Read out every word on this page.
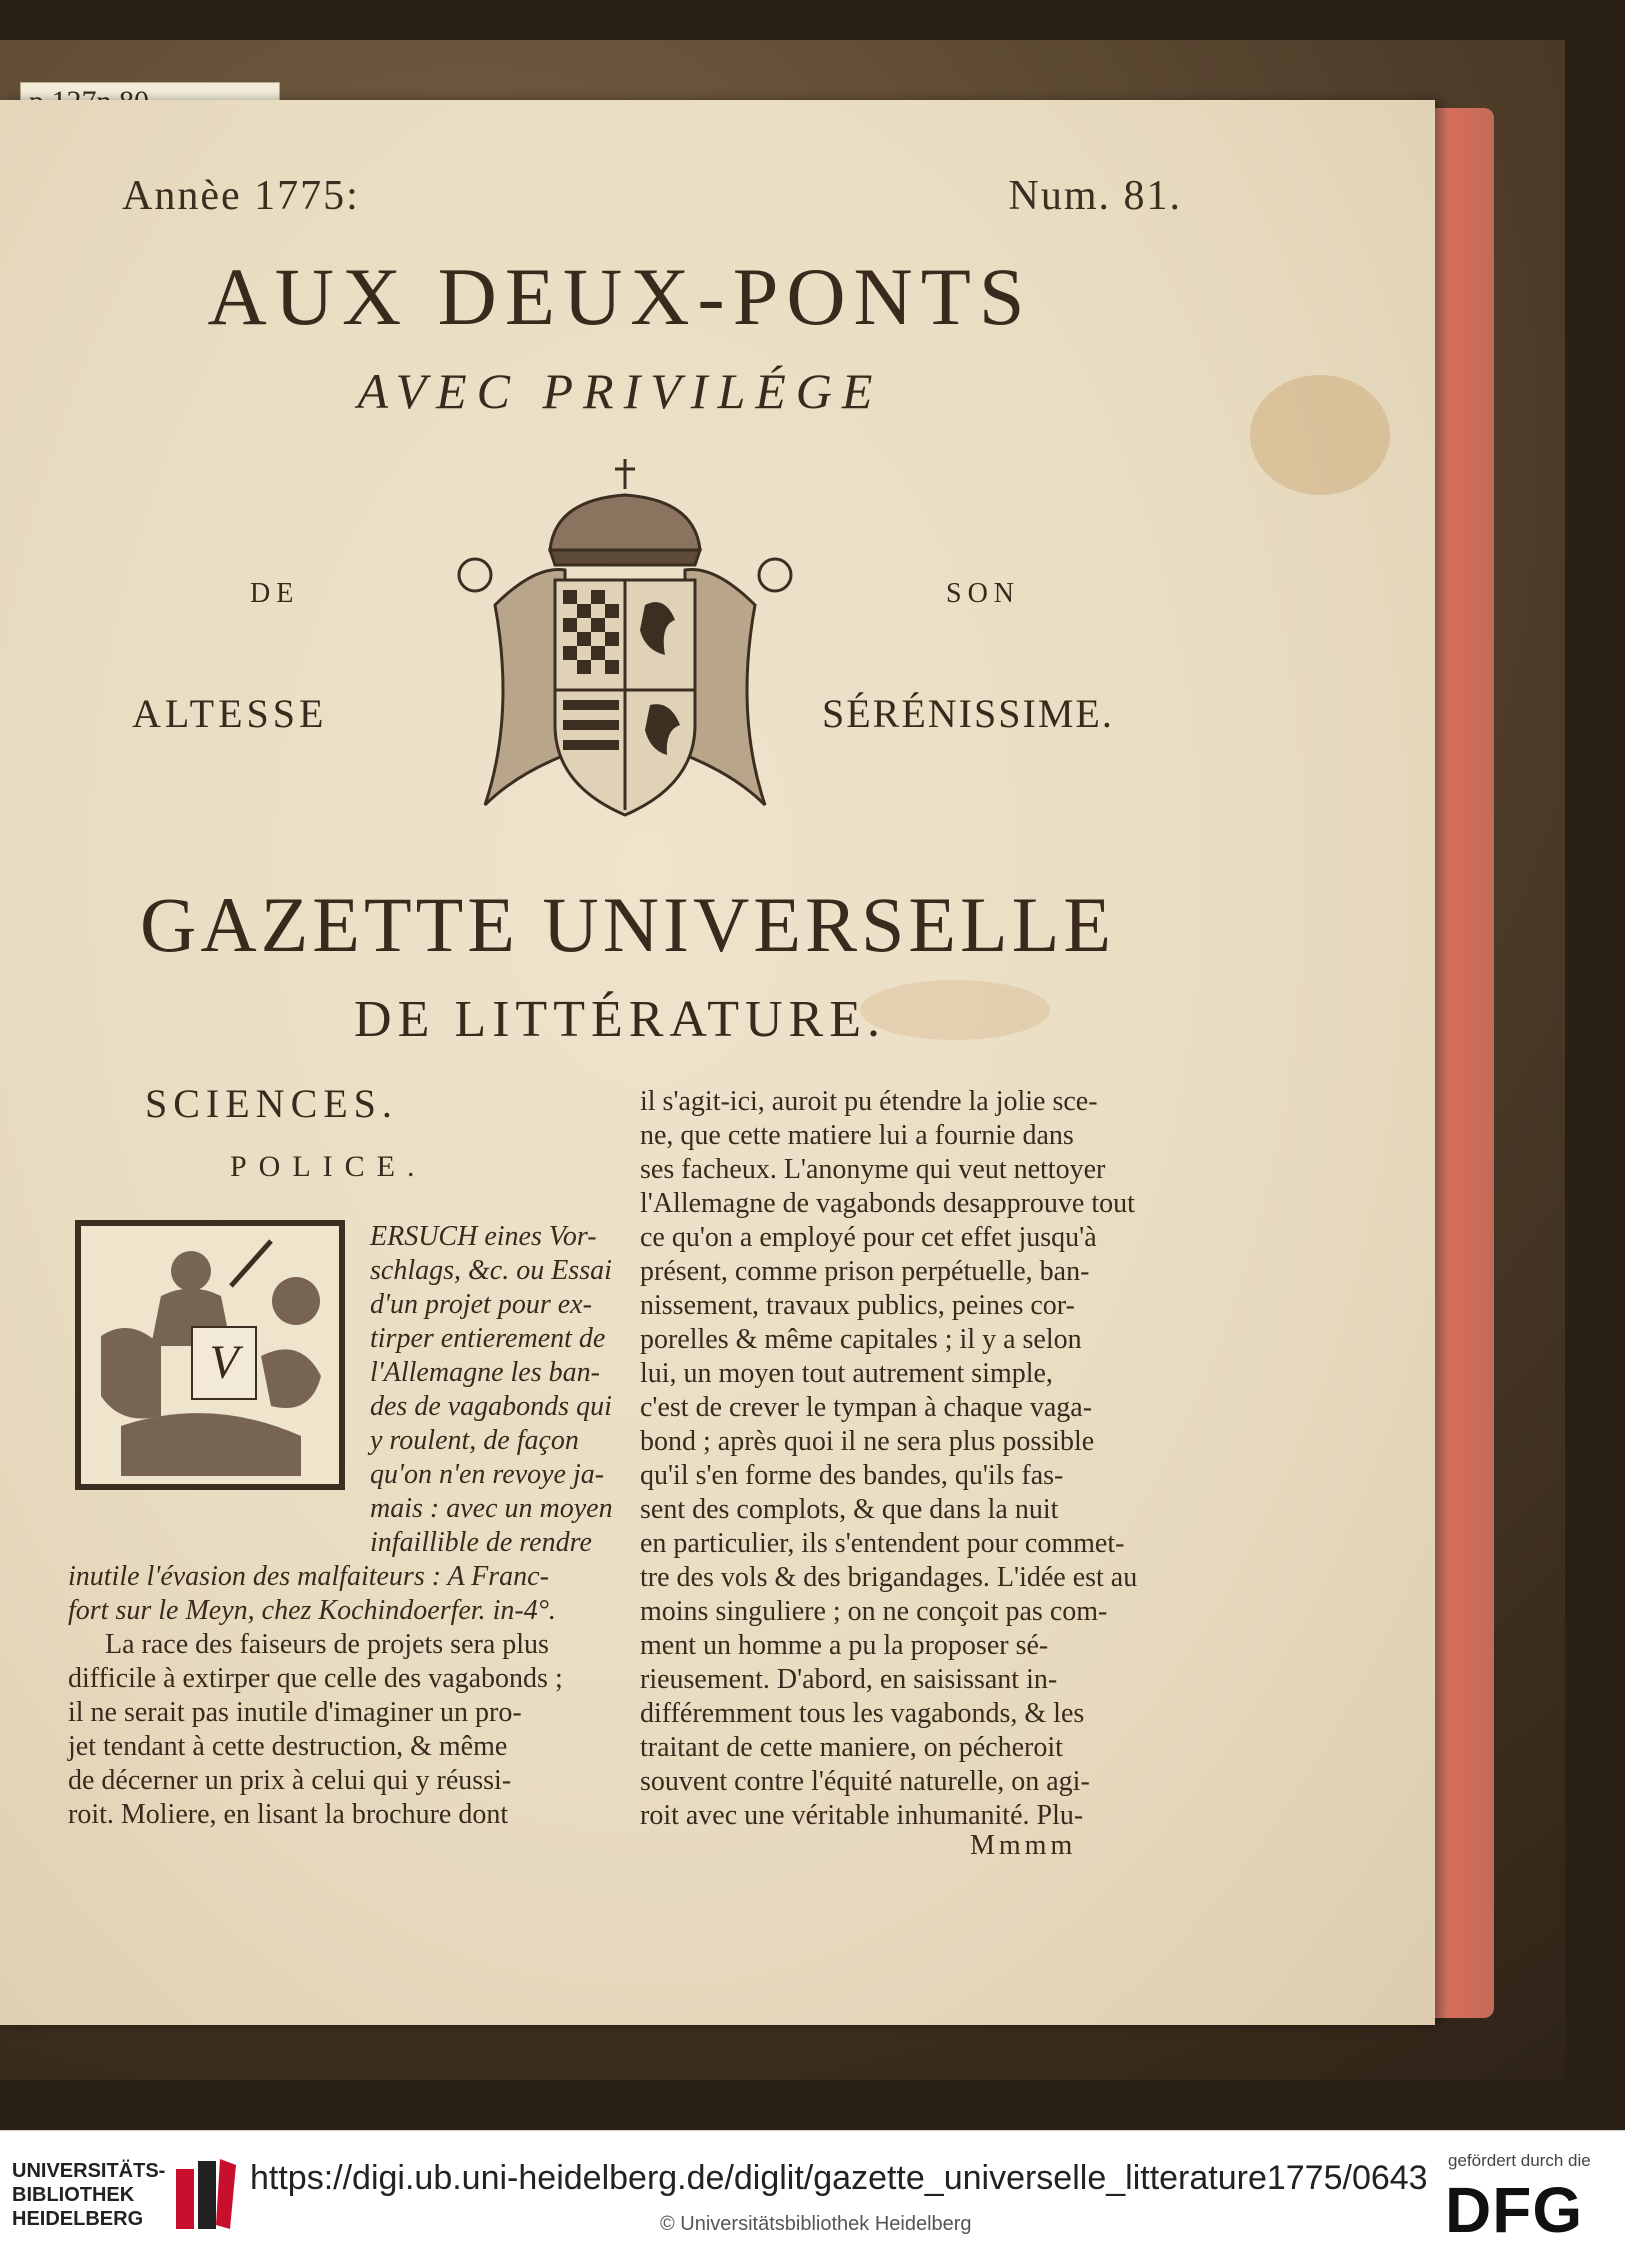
Annèe 1775:	Num. 81.
AUX DEUX-PONTS
AVEC PRIVILÉGE
DE	SON
ALTESSE	SÉRÉNISSIME.
GAZETTE UNIVERSELLE
DE LITTÉRATURE.
SCIENCES.
POLICE.
V
ERSUCH eines Vor-
schlags, &c. ou Essai
d'un projet pour ex-
tirper entierement de
l'Allemagne les ban-
des de vagabonds qui
y roulent, de façon
qu'on n'en revoye ja-
mais : avec un moyen
infaillible de rendre
inutile l'évasion des malfaiteurs : A Franc-
fort sur le Meyn, chez Kochindoerfer. in-4°.
La race des faiseurs de projets sera plus
difficile à extirper que celle des vagabonds ;
il ne serait pas inutile d'imaginer un pro-
jet tendant à cette destruction, & même
de décerner un prix à celui qui y réussi-
roit. Moliere, en lisant la brochure dont
il s'agit-ici, auroit pu étendre la jolie sce-
ne, que cette matiere lui a fournie dans
ses facheux. L'anonyme qui veut nettoyer
l'Allemagne de vagabonds desapprouve tout
ce qu'on a employé pour cet effet jusqu'à
présent, comme prison perpétuelle, ban-
nissement, travaux publics, peines cor-
porelles & même capitales ; il y a selon
lui, un moyen tout autrement simple,
c'est de crever le tympan à chaque vaga-
bond ; après quoi il ne sera plus possible
qu'il s'en forme des bandes, qu'ils fas-
sent des complots, & que dans la nuit
en particulier, ils s'entendent pour commet-
tre des vols & des brigandages. L'idée est au
moins singuliere ; on ne conçoit pas com-
ment un homme a pu la proposer sé-
rieusement. D'abord, en saisissant in-
différemment tous les vagabonds, & les
traitant de cette maniere, on pécheroit
souvent contre l'équité naturelle, on agi-
roit avec une véritable inhumanité. Plu-
Mmmm
UNIVERSITÄTS-
BIBLIOTHEK
HEIDELBERG
https://digi.ub.uni-heidelberg.de/diglit/gazette_universelle_litterature1775/0643
© Universitätsbibliothek Heidelberg
gefördert durch die
DFG
